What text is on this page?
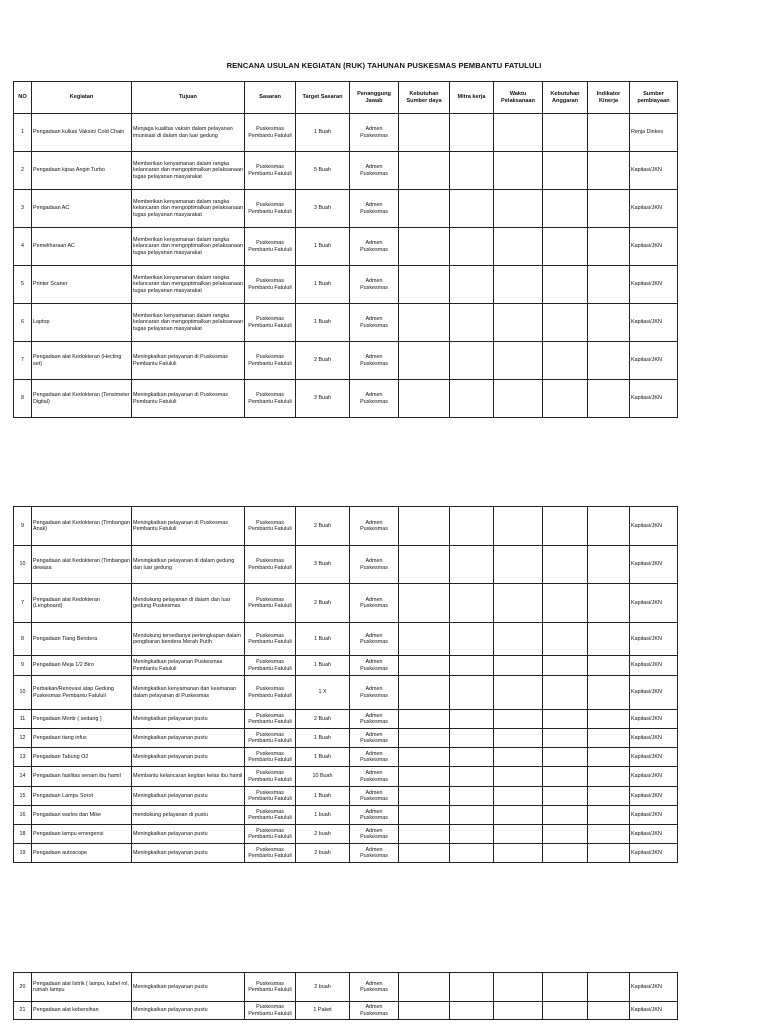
RENCANA USULAN KEGIATAN (RUK) TAHUNAN PUSKESMAS PEMBANTU FATULULI
NO	Kegiatan	Tujuan	Sasaran	Target Sasaran	Penanggung Jawab	Kebutuhan Sumber daya	Mitra kerja	Waktu Pelaksanaan	Kebutuhan Anggaran	Indikator Kinerja	Sumber pembiayaan
1	Pengadaan kulkas Vaksin/ Cold Chain	Menjaga kualitas vaksin dalam pelayanan imunisasi di dalam dan luar gedung	Puskesmas Pembantu Fatululi	1 Buah	Admen Puskesmas						Renja Dinkes
2	Pengadaan kipas Angin Turbo	Memberikan kenyamanan dalam rangka kelancaran dan mengoptimalkan pelaksanaan tugas pelayanan masyarakat	Puskesmas Pembantu Fatululi	5 Buah	Admen Puskesmas						Kapitasi/JKN
3	Pengadaan AC	Memberikan kenyamanan dalam rangka kelancaran dan mengoptimalkan pelaksanaan tugas pelayanan masyarakat	Puskesmas Pembantu Fatululi	3 Buah	Admen Puskesmas						Kapitasi/JKN
4	Pemeliharaan AC	Memberikan kenyamanan dalam rangka kelancaran dan mengoptimalkan pelaksanaan tugas pelayanan masyarakat	Puskesmas Pembantu Fatululi	1 Buah	Admen Puskesmas						Kapitasi/JKN
5	Printer Scaner	Memberikan kenyamanan dalam rangka kelancaran dan mengoptimalkan pelaksanaan tugas pelayanan masyarakat	Puskesmas Pembantu Fatululi	1 Buah	Admen Puskesmas						Kapitasi/JKN
6	Laptop	Memberikan kenyamanan dalam rangka kelancaran dan mengoptimalkan pelaksanaan tugas pelayanan masyarakat	Puskesmas Pembantu Fatululi	1 Buah	Admen Puskesmas						Kapitasi/JKN
7	Pengadaan alat Kedokteran (Hecting set)	Meningkatkan pelayanan di Puskesmas Pembantu Fatululi	Puskesmas Pembantu Fatululi	2 Buah	Admen Puskesmas						Kapitasi/JKN
8	Pengadaan alat Kedokteran (Tensimeter Digital)	Meningkatkan pelayanan di Puskesmas Pembantu Fatululi	Puskesmas Pembantu Fatululi	3 Buah	Admen Puskesmas						Kapitasi/JKN
9	Pengadaan alat Kedokteran (Timbangan Anak)	Meningkatkan pelayanan di Puskesmas Pembantu Fatululi	Puskesmas Pembantu Fatululi	2 Buah	Admen Puskesmas						Kapitasi/JKN
10	Pengadaan alat Kedokteran (Timbangan dewasa	Meningkatkan pelayanan di dalam gedung dan luar gedung	Puskesmas Pembantu Fatululi	3 Buah	Admen Puskesmas						Kapitasi/JKN
7	Pengadaan alat Kedokteran (Lengboard)	Mendukung pelayanan di dalam dan luar gedung Puskesmas	Puskesmas Pembantu Fatululi	2 Buah	Admen Puskesmas						Kapitasi/JKN
8	Pengadaan Tiang Bendera	Mendukung tersedianya perlengkapan dalam pengibaran bendera Merah Putih	Puskesmas Pembantu Fatululi	1 Buah	Admen Puskesmas						Kapitasi/JKN
9	Pengadaan Meja 1/2 Biro	Meningkatkan pelayanan Puskesmas Pembantu Fatululi	Puskesmas Pembantu Fatululi	1 Buah	Admen Puskesmas						Kapitasi/JKN
10	Perbaikan/Renovasi atap Gedung Puskesmas Pembantu Fatululi	Meningkatkan kenyamanan dan keamanan dalam pelayanan di Puskesmas	Puskesmas Pembantu Fatululi	1 X	Admen Puskesmas						Kapitasi/JKN
11	Pengadaan Mortir ( sedang )	Meningkatkan pelayanan pustu	Puskesmas Pembantu Fatululi	2 Buah	Admen Puskesmas						Kapitasi/JKN
12	Pengadaan tiang infus	Meningkatkan pelayanan pustu	Puskesmas Pembantu Fatululi	1 Buah	Admen Puskesmas						Kapitasi/JKN
13	Pengadaan Tabung O2	Meningkatkan pelayanan pustu	Puskesmas Pembantu Fatululi	1 Buah	Admen Puskesmas						Kapitasi/JKN
14	Pengadaan fasilitas senam ibu hamil	Membantu kelancaran kegitan kelas ibu hamil	Puskesmas Pembantu Fatululi	10 Buah	Admen Puskesmas						Kapitasi/JKN
15	Pengadaan Lampu Sorot	Meningkatkan pelayanan pustu	Puskesmas Pembantu Fatululi	1 Buah	Admen Puskesmas						Kapitasi/JKN
16	Pengadaan warles dan Mike	mendukung pelayanan di pustu	Puskesmas Pembantu Fatululi	1 buah	Admen Puskesmas						Kapitasi/JKN
18	Pengadaan lampu emergensi	Meningkatkan pelayanan pustu	Puskesmas Pembantu Fatululi	2 buah	Admen Puskesmas						Kapitasi/JKN
19	Pengadaan autoscope	Meningkatkan pelayanan pustu	Puskesmas Pembantu Fatululi	2 buah	Admen Puskesmas						Kapitasi/JKN
20	Pengadaan alat listrik ( lampu, kabel rol, rumah lampu	Meningkatkan pelayanan pustu	Puskesmas Pembantu Fatululi	2 buah	Admen Puskesmas						Kapitasi/JKN
21	Pengadaan alat kebersihan	Meningkatkan pelayanan pustu	Puskesmas Pembantu Fatululi	1 Paket	Admen Puskesmas						Kapitasi/JKN
